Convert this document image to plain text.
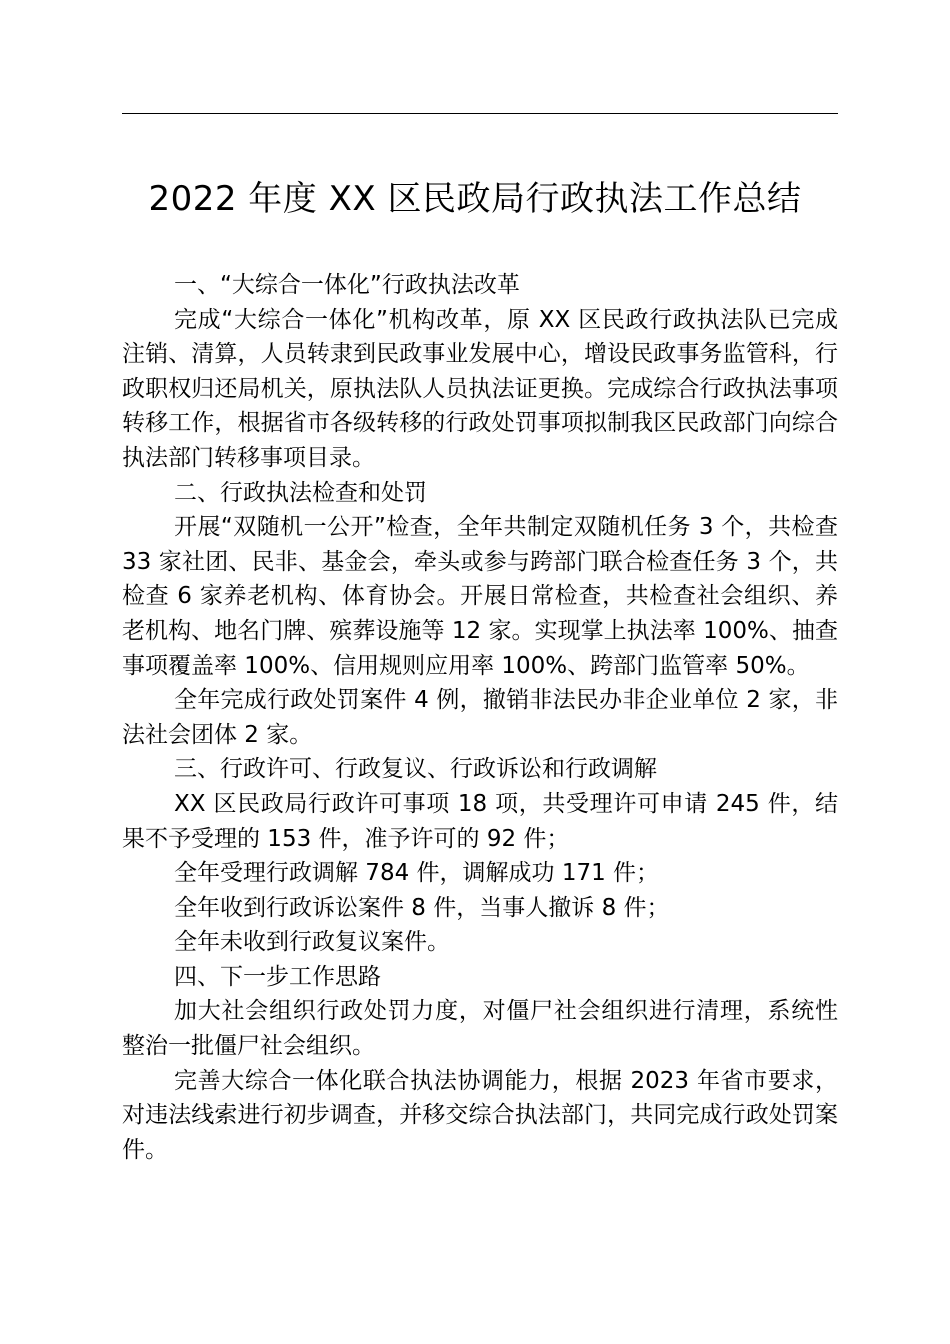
2022 年度 XX 区民政局行政执法工作总结

一、“大综合一体化”行政执法改革

完成“大综合一体化”机构改革，原 XX 区民政行政执法队已完成注销、清算，人员转隶到民政事业发展中心，增设民政事务监管科，行政职权归还局机关，原执法队人员执法证更换。完成综合行政执法事项转移工作，根据省市各级转移的行政处罚事项拟制我区民政部门向综合执法部门转移事项目录。

二、行政执法检查和处罚

开展“双随机一公开”检查，全年共制定双随机任务 3 个，共检查 33 家社团、民非、基金会，牵头或参与跨部门联合检查任务 3 个，共检查 6 家养老机构、体育协会。开展日常检查，共检查社会组织、养老机构、地名门牌、殡葬设施等 12 家。实现掌上执法率 100%、抽查事项覆盖率 100%、信用规则应用率 100%、跨部门监管率 50%。

全年完成行政处罚案件 4 例，撤销非法民办非企业单位 2 家，非法社会团体 2 家。

三、行政许可、行政复议、行政诉讼和行政调解

XX 区民政局行政许可事项 18 项，共受理许可申请 245 件，结果不予受理的 153 件，准予许可的 92 件；

全年受理行政调解 784 件，调解成功 171 件；

全年收到行政诉讼案件 8 件，当事人撤诉 8 件；

全年未收到行政复议案件。

四、下一步工作思路

加大社会组织行政处罚力度，对僵尸社会组织进行清理，系统性整治一批僵尸社会组织。

完善大综合一体化联合执法协调能力，根据 2023 年省市要求，对违法线索进行初步调查，并移交综合执法部门，共同完成行政处罚案件。
